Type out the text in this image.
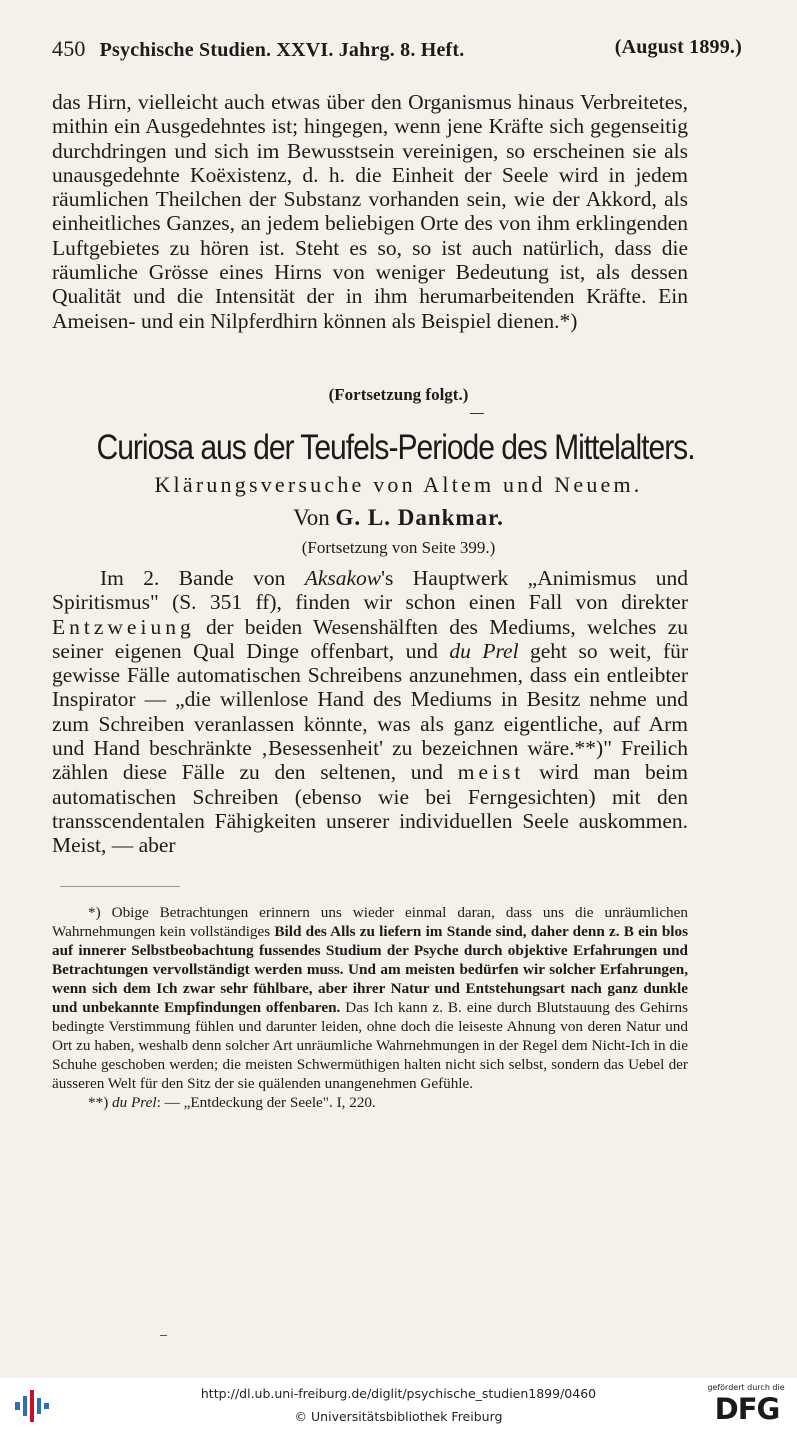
450 Psychische Studien. XXVI. Jahrg. 8. Heft.	(August 1899.)

das Hirn, vielleicht auch etwas über den Organismus hinaus Verbreitetes, mithin ein Ausgedehntes ist; hingegen, wenn jene Kräfte sich gegenseitig durchdringen und sich im Bewusstsein vereinigen, so erscheinen sie als unausgedehnte Koëxistenz, d. h. die Einheit der Seele wird in jedem räumlichen Theilchen der Substanz vorhanden sein, wie der Akkord, als einheitliches Ganzes, an jedem beliebigen Orte des von ihm erklingenden Luftgebietes zu hören ist. Steht es so, so ist auch natürlich, dass die räumliche Grösse eines Hirns von weniger Bedeutung ist, als dessen Qualität und die Intensität der in ihm herumarbeitenden Kräfte. Ein Ameisen- und ein Nilpferdhirn können als Beispiel dienen.*)

(Fortsetzung folgt.)
Curiosa aus der Teufels-Periode des Mittelalters.
Klärungsversuche von Altem und Neuem.
Von G. L. Dankmar.
(Fortsetzung von Seite 399.)

Im 2. Bande von Aksakow's Hauptwerk „Animismus und Spiritismus" (S. 351 ff), finden wir schon einen Fall von direkter Entzweiung der beiden Wesenshälften des Mediums, welches zu seiner eigenen Qual Dinge offenbart, und du Prel geht so weit, für gewisse Fälle automatischen Schreibens anzunehmen, dass ein entleibter Inspirator — „die willenlose Hand des Mediums in Besitz nehme und zum Schreiben veranlassen könnte, was als ganz eigentliche, auf Arm und Hand beschränkte ‚Besessenheit' zu bezeichnen wäre.**)" Freilich zählen diese Fälle zu den seltenen, und meist wird man beim automatischen Schreiben (ebenso wie bei Ferngesichten) mit den transscendentalen Fähigkeiten unserer individuellen Seele auskommen. Meist, — aber

*) Obige Betrachtungen erinnern uns wieder einmal daran, dass uns die unräumlichen Wahrnehmungen kein vollständiges Bild des Alls zu liefern im Stande sind, daher denn z. B ein blos auf innerer Selbstbeobachtung fussendes Studium der Psyche durch objektive Erfahrungen und Betrachtungen vervollständigt werden muss. Und am meisten bedürfen wir solcher Erfahrungen, wenn sich dem Ich zwar sehr fühlbare, aber ihrer Natur und Entstehungsart nach ganz dunkle und unbekannte Empfindungen offenbaren. Das Ich kann z. B. eine durch Blutstauung des Gehirns bedingte Verstimmung fühlen und darunter leiden, ohne doch die leiseste Ahnung von deren Natur und Ort zu haben, weshalb denn solcher Art unräumliche Wahrnehmungen in der Regel dem Nicht-Ich in die Schuhe geschoben werden; die meisten Schwermüthigen halten nicht sich selbst, sondern das Uebel der äusseren Welt für den Sitz der sie quälenden unangenehmen Gefühle.

**) du Prel: — „Entdeckung der Seele". I, 220.

http://dl.ub.uni-freiburg.de/diglit/psychische_studien1899/0460
© Universitätsbibliothek Freiburg
gefördert durch die
DFG
